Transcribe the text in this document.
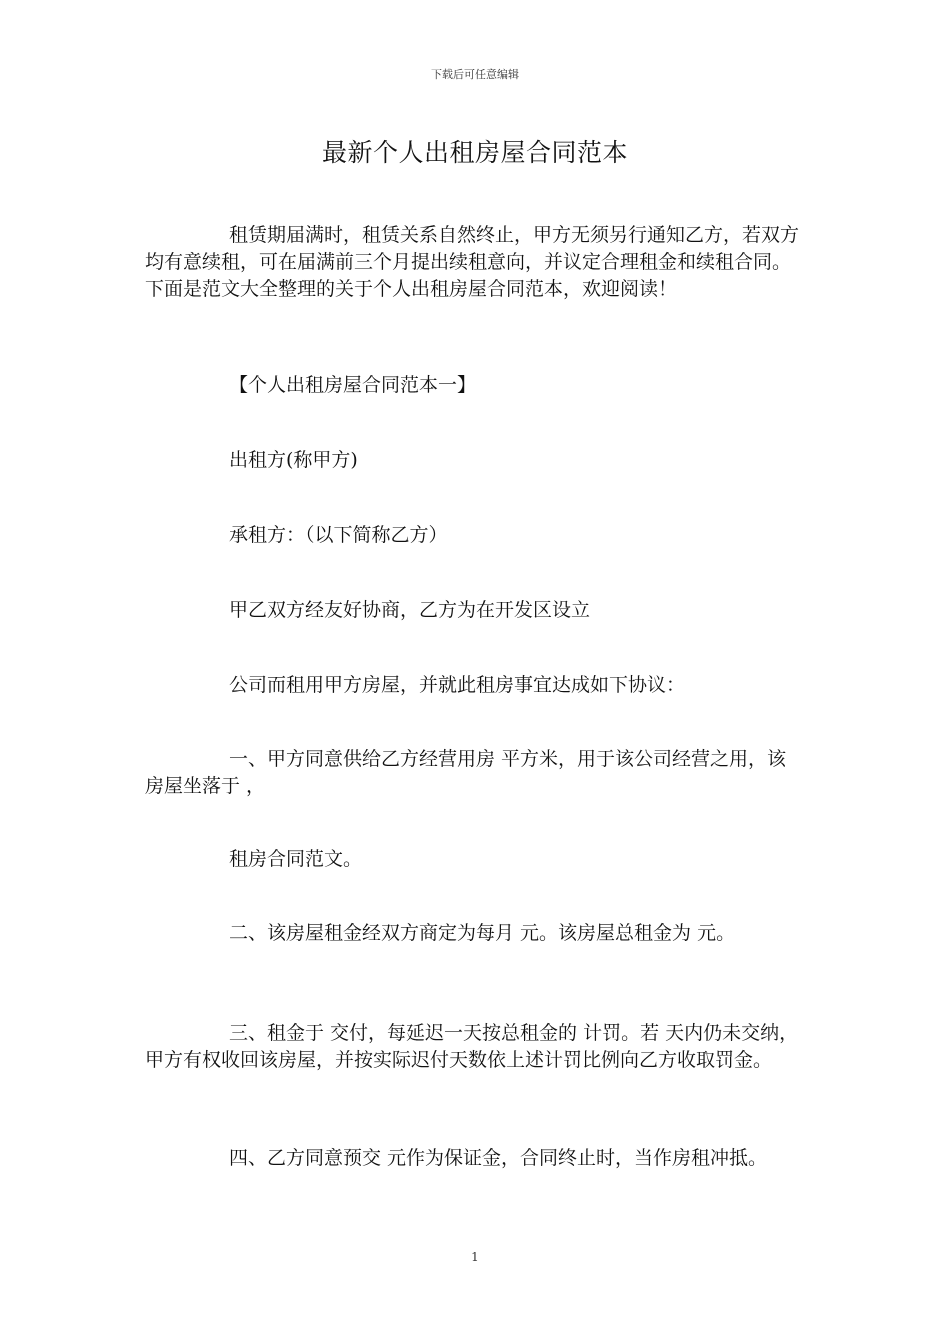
下载后可任意编辑
最新个人出租房屋合同范本

租赁期届满时，租赁关系自然终止，甲方无须另行通知乙方，若双方均有意续租，可在届满前三个月提出续租意向，并议定合理租金和续租合同。下面是范文大全整理的关于个人出租房屋合同范本，欢迎阅读！

【个人出租房屋合同范本一】

出租方(称甲方)

承租方：（以下简称乙方）

甲乙双方经友好协商，乙方为在开发区设立

公司而租用甲方房屋，并就此租房事宜达成如下协议：

一、甲方同意供给乙方经营用房 平方米，用于该公司经营之用，该房屋坐落于 ，

租房合同范文。

二、该房屋租金经双方商定为每月 元。该房屋总租金为 元。

三、租金于 交付，每延迟一天按总租金的 计罚。若 天内仍未交纳，甲方有权收回该房屋，并按实际迟付天数依上述计罚比例向乙方收取罚金。

四、乙方同意预交 元作为保证金，合同终止时，当作房租冲抵。

1
